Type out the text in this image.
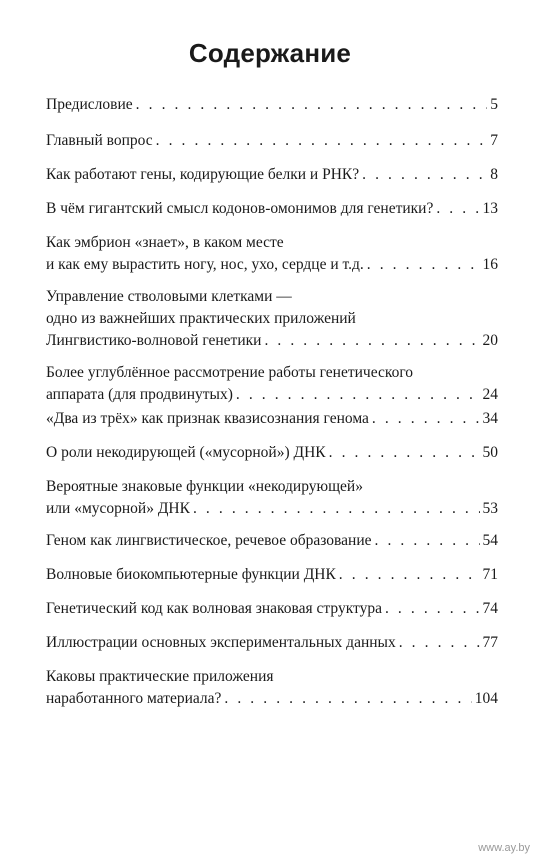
Содержание
Предисловие . . .	5
Главный вопрос . . .	7
Как работают гены, кодирующие белки и РНК? . . .	8
В чём гигантский смысл кодонов-омонимов для генетики? . . .	13
Как эмбрион «знает», в каком месте
и как ему вырастить ногу, нос, ухо, сердце и т.д. . . .	16
Управление стволовыми клетками —
одно из важнейших практических приложений
Лингвистико-волновой генетики . . .	20
Более углублённое рассмотрение работы генетического
аппарата (для продвинутых) . . .	24
«Два из трёх» как признак квазисознания генома . . .	34
О роли некодирующей («мусорной») ДНК . . .	50
Вероятные знаковые функции «некодирующей»
или «мусорной» ДНК . . .	53
Геном как лингвистическое, речевое образование . . .	54
Волновые биокомпьютерные функции ДНК . . .	71
Генетический код как волновая знаковая структура . . .	74
Иллюстрации основных экспериментальных данных . . .	77
Каковы практические приложения
наработанного материала? . . .	104
www.ay.by
